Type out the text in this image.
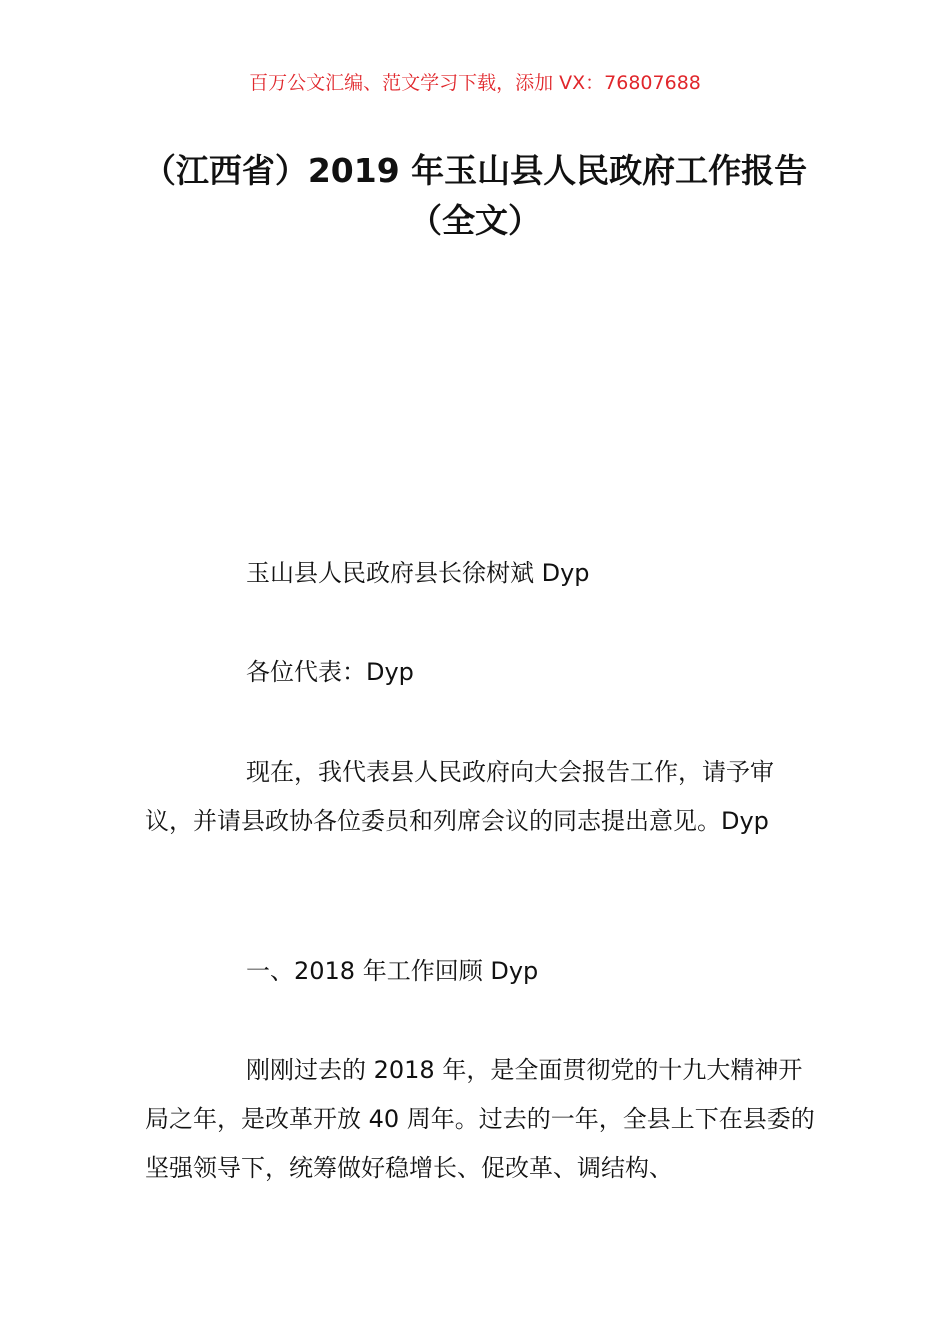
百万公文汇编、范文学习下载，添加 VX：76807688
（江西省）2019 年玉山县人民政府工作报告（全文）
玉山县人民政府县长徐树斌 Dyp
各位代表：Dyp
现在，我代表县人民政府向大会报告工作，请予审议，并请县政协各位委员和列席会议的同志提出意见。Dyp
一、2018 年工作回顾 Dyp
刚刚过去的 2018 年，是全面贯彻党的十九大精神开局之年，是改革开放 40 周年。过去的一年，全县上下在县委的坚强领导下，统筹做好稳增长、促改革、调结构、
